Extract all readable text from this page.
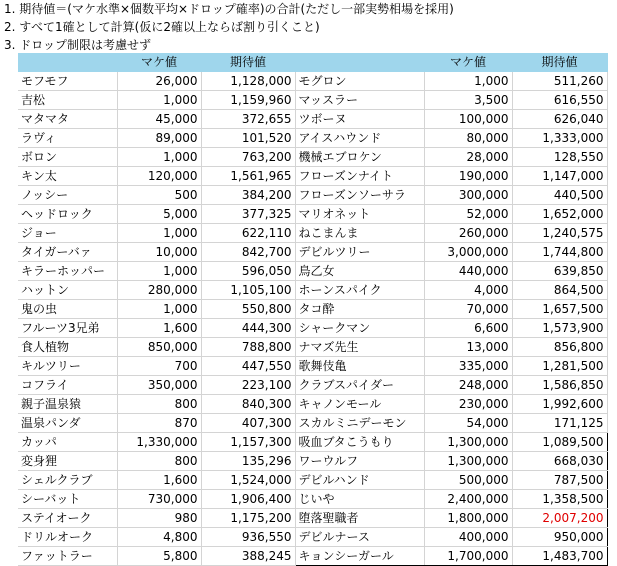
1. 期待値＝(マケ水準×個数平均×ドロップ確率)の合計(ただし一部実勢相場を採用)
2. すべて1確として計算(仮に2確以上ならば割り引くこと)
3. ドロップ制限は考慮せず
	マケ値	期待値		マケ値	期待値
モフモフ	26,000	1,128,000	モグロン	1,000	511,260
吉松	1,000	1,159,960	マッスラー	3,500	616,550
マタマタ	45,000	372,655	ツボーヌ	100,000	626,040
ラヴィ	89,000	101,520	アイスハウンド	80,000	1,333,000
ボロン	1,000	763,200	機械エブロケン	28,000	128,550
キン太	120,000	1,561,965	フローズンナイト	190,000	1,147,000
ノッシー	500	384,200	フローズンソーサラ	300,000	440,500
ヘッドロック	5,000	377,325	マリオネット	52,000	1,652,000
ジョー	1,000	622,110	ねこまんま	260,000	1,240,575
タイガーバァ	10,000	842,700	デビルツリー	3,000,000	1,744,800
キラーホッパー	1,000	596,050	鳥乙女	440,000	639,850
ハットン	280,000	1,105,100	ホーンスパイク	4,000	864,500
鬼の虫	1,000	550,800	タコ酔	70,000	1,657,500
フルーツ3兄弟	1,600	444,300	シャークマン	6,600	1,573,900
食人植物	850,000	788,800	ナマズ先生	13,000	856,800
キルツリー	700	447,550	歌舞伎亀	335,000	1,281,500
コフライ	350,000	223,100	クラブスパイダー	248,000	1,586,850
親子温泉猿	800	840,300	キャノンモール	230,000	1,992,600
温泉パンダ	870	407,300	スカルミニデーモン	54,000	171,125
カッパ	1,330,000	1,157,300	吸血ブタこうもり	1,300,000	1,089,500
変身狸	800	135,296	ワーウルフ	1,300,000	668,030
シェルクラブ	1,600	1,524,000	デビルハンド	500,000	787,500
シーバット	730,000	1,906,400	じいや	2,400,000	1,358,500
ステイオーク	980	1,175,200	堕落聖職者	1,800,000	2,007,200
ドリルオーク	4,800	936,550	デビルナース	400,000	950,000
ファットラー	5,800	388,245	キョンシーガール	1,700,000	1,483,700
